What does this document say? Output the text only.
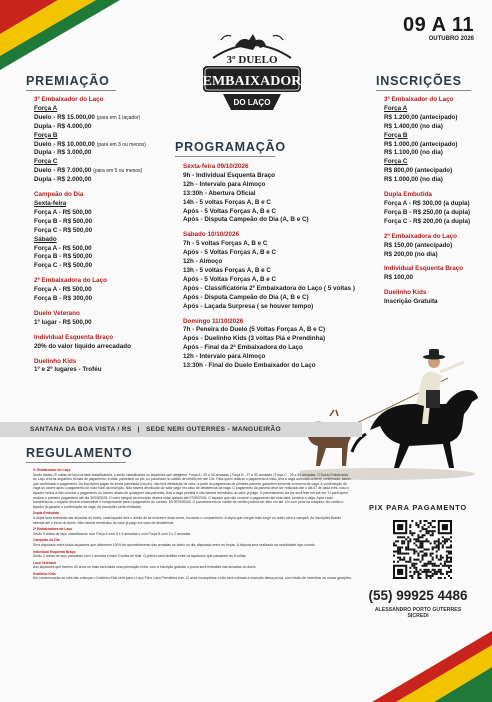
09 A 11
OUTUBRO 2026
3º DUELO
EMBAIXADOR
DO LAÇO
PREMIAÇÃO
3º Embaixador do Laço
Força A
Duelo - R$ 15.000,00 (para em 1 laçador)
Dupla - R$ 4.000,00
Força B
Duelo - R$ 10.000,00 (para em 3 ou menos)
Dupla - R$ 3.000,00
Força C
Duelo - R$ 7.000,00 (para em 5 ou menos)
Dupla - R$ 2.000,00
Campeão do Dia
Sexta-feira
Força A - R$ 500,00
Força B - R$ 500,00
Força C - R$ 500,00
Sábado
Força A - R$ 500,00
Força B - R$ 500,00
Força C - R$ 500,00
2º Embaixadora do Laço
Força A - R$ 500,00
Força B - R$ 300,00
Duelo Veterano
1º lugar - R$ 500,00
Individual Esquenta Braço
20% do valor líquido arrecadado
Duelinho Kids
1º e 2º lugares - Troféu
PROGRAMAÇÃO
Sexta-feira 09/10/2026
9h - Individual Esquenta Braço
12h - Intervalo para Almoço
13:30h - Abertura Oficial
14h - 5 voltas Forças A, B e C
Após - 5 Voltas Forças A, B e C
Após - Disputa Campeão do Dia (A, B e C)
Sábado 10/10/2026
7h - 5 voltas Forças A, B e C
Após - 5 Voltas Forças A, B e C
12h - Almoço
13h - 5 voltas Forças A, B e C
Após - 5 Voltas Forças A, B e C
Após - Classificatória 2º Embaixadora do Laço ( 5 voltas )
Após - Disputa Campeão do Dia (A, B e C)
Após - Laçada Surpresa ( se houver tempo)
Domingo 11/10/2026
7h - Peneira do Duelo (5 Voltas Forças A, B e C)
Após - Duelinho Kids (3 voltas Piá e Prendinha)
Após - Final da 2ª Embaixadora do Laço
12h - Intervalo para Almoço
13:30h - Final do Duelo Embaixador do Laço
INSCRIÇÕES
3º Embaixador do Laço
Força A
R$ 1.200,00 (antecipado)
R$ 1.400,00 (no dia)
Força B
R$ 1.000,00 (antecipado)
R$ 1.100,00 (no dia)
Força C
R$ 800,00 (antecipado)
R$ 1.000,00 (no dia)
Dupla Embutida
Força A - R$ 300,00 (a dupla)
Força B - R$ 250,00 (a dupla)
Força C - R$ 200,00 (a dupla)
2º Embaixadora do Laço
R$ 150,00 (antecipado)
R$ 200,00 (no dia)
Individual Esquenta Braço
R$ 100,00
Duelinho Kids
Inscrição Gratuita
SANTANA DA BOA VISTA / RS | SEDE NERI GUTERRES - MANGUEIRÃO
REGULAMENTO
3º Embaixador do Laço
Serão dadas 10 voltas de laço na fase classificatória, o serão classificados os laçadores que atingirem: Força A - 29 a 30 armadas | Força B - 27 a 30 armadas | Força C - 25 a 30 armadas. O Duelo Embaixador do Laço terá as seguintes formas de pagamento: à vista, parcelado ou pix, no parcelado no cartão de crédito em até 10x. Para quem realizar o pagamento à vista, terá a vaga automaticamente confirmada, assim que confirmado o pagamento. As inscrições pagas de forma parcelada (via pix), não terá efetivação de valor, a partir do pagamento de primeira parcela, garantem somente a reserva da vaga. A confirmação da vaga só ocorre após o pagamento do valor total da inscrição. Não haverá devolução do valor pago em caso de desistência da vaga. O pagamento da parcela deve ser realizado até o dia 07 de cada mês, caso o laçador venha a não concluir o pagamento ou houver atraso de quaisquer das parcelas, terá a vaga perdida e não haverá reembolso do valor já pago. O parcelamento via pix será feito em até em 7x para quem realizar o primeiro pagamento até dia 30/03/2026. O valor integral da inscrição deverá estar quitado até 07/09/2026. O laçador que não concluir o pagamento até esta data, perderá a vaga. Após cada transferência, o laçador deverá encaminhar o comprovante para o pagamento do contato. 55 997958346. O parcelamento no cartão de crédito poderá ser feito em até 12x com juros da máquina. No cartão o laçador já garante a confirmação da vaga. As inscrições serão limitadas.
Dupla Embutida
A dupla será embutida nas armadas do duelo, cada laçador terá o direito de se inscrever duas vezes, trocando o companheiro. A dupla que chegar mais longe no duelo será a campeã. As inscrições ficarão abertas até o início do duelo. Não haverá reembolso do valor já pago em caso de desistência.
2ª Embaixadora do Laço
Serão 5 voltas de laço, classificando com Força A com 5 x 4 armadas e com Força B com 3 x 2 armadas.
Campeão do Dia
Será disputado entre todos laçadores que obtiverem 100% de aproveitamento das armadas do duelo no dia, disputado entre as forças. A disputa será realizada na modalidade laço corrido.
Individual Esquenta Braço
Serão 2 voltas de laço, passando com 1 armada e mais 3 voltas de final. O prêmio será dividido entre os laçadores que passarem as 5 voltas.
Laço Veterano
Aos laçadores que tiverem 60 anos ou mais será dada uma premiação extra, com a inscrição gratuita, o prova será embutida nas armadas do duelo.
Duelinho Kids
Em comemoração ao mês das crianças o Duelinho Kids será para o Laço Piá e Laço Prendinha com 12 anos incompletos e não será cobrada a inscrição dessa prova, com intuito de incentivar as novas gerações.
PIX PARA PAGAMENTO
(55) 99925 4486
ALESSANDRO PORTO GUTERRES
SICREDI
